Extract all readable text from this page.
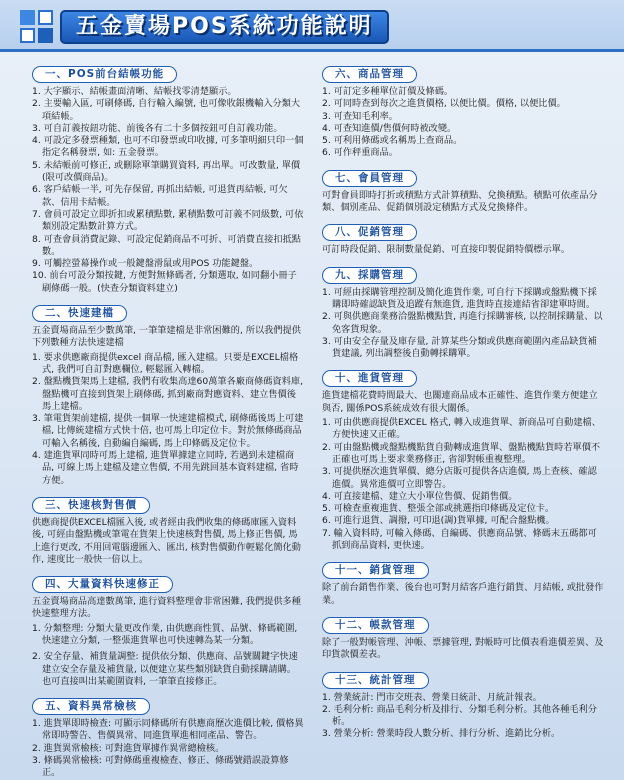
五金賣場POS系統功能說明
一、POS前台結帳功能
1. 大字顯示、結帳畫面清晰、結帳找零清楚顯示。
2. 主要輸入區, 可刷條碼, 自行輸入編號, 也可像收銀機輸入分類大項結帳。
3. 可自訂義按鈕功能、前後各有二十多個按鈕可自訂義功能。
4. 可設定多發票種類, 也可不印發票或印收據, 可多筆明細只印一個指定名稱發票, 如: 五金發票。
5. 未結帳前可修正, 或刪除單筆購買資料, 再出單。可改數量, 單價(限可改價商品)。
6. 客戶結帳一半, 可先存保留, 再抓出結帳, 可退貨再結帳, 可欠款、信用卡結帳。
7. 會員可設定立即折扣或累積點數, 累積點數可訂義不同級數, 可依類別設定點數計算方式。
8. 可查會員消費記錄、可設定促銷商品不可折、可消費直接扣抵點數。
9. 可觸控螢幕操作或一般鍵盤滑鼠或用POS 功能鍵盤。
10. 前台可設分類按鍵, 方便對無條碼者, 分類選取, 如同翻小冊子刷條碼一般。(快查分類資料建立)
二、快速建檔

五金賣場商品至少數萬筆, 一筆筆建檔是非常困難的, 所以我們提供下列數種方法快速建檔

1. 要求供應廠商提供excel 商品檔, 匯入建檔。只要是EXCEL檔格式, 我們可自訂對應欄位, 輕鬆匯入轉檔。
2. 盤點機貨架馬上建檔, 我們有收集高達60萬筆各廠商條碼資料庫, 盤點機可直接到貨架上刷條碼, 抓到廠商對應資料、建立售價後馬上建檔。
3. 筆電貨架前建檔, 提供一個單一快速建檔模式, 刷條碼後馬上可建檔, 比傳統建檔方式快十倍, 也可馬上印定位卡。對於無條碼商品可輸入名稱後, 自動編自編碼, 馬上印條碼及定位卡。
4. 建進貨單同時可馬上建檔, 進貨單據建立同時, 若遇到未建檔商品, 可線上馬上建檔及建立售價, 不用先跳回基本資料建檔, 省時方便。
三、快速核對售價

供應商提供EXCEL檔匯入後, 或者經由我們收集的條碼庫匯入資料後, 可經由盤點機或筆電在貨架上快速核對售價, 馬上修正售價, 馬上進行更改, 不用回電腦邊匯入、匯出, 核對售價動作輕鬆化簡化動作, 速度比一般快一倍以上。

四、大量資料快速修正

五金賣場商品高達數萬筆, 進行資料整理會非常困難, 我們提供多種快速整理方法。

1. 分類整理: 分類大量更改作業, 由供應商性質、品號、條碼範圍, 快速建立分類, 一整張進貨單也可快速轉為某一分類。
2. 安全存量、補貨量調整: 提供依分類、供應商、品號關鍵字快速建立安全存量及補貨量, 以便建立某些類別缺貨自動採購請購。也可直接叫出某範圍資料, 一筆筆直接修正。
五、資料異常檢核
1. 進貨單即時檢查: 可顯示同條碼所有供應商歷次進價比較, 價格異常即時警告、售價異常、同進貨單進相同產品、警告。
2. 進貨異常檢核: 可對進貨單據作異常總檢核。
3. 條碼異常檢核: 可對條碼重複檢查、修正、條碼號錯誤設算修正。
六、商品管理
1. 可訂定多種單位訂價及條碼。
2. 可同時查到每次之進貨價格, 以便比價。價格, 以便比價。
3. 可查知毛利率。
4. 可查知進價/售價何時被改變。
5. 可利用條碼或名稱馬上查商品。
6. 可作秤重商品。
七、會員管理

可對會員即時打折或積點方式計算積點、兌換積點。積點可依產品分類、個別產品、促銷個別設定積點方式及兌換條件。

八、促銷管理

可訂時段促銷、限制數量促銷、可直接印製促銷特價標示單。

九、採購管理
1. 可經由採購管理控制及簡化進貨作業, 可自行下採購或盤點機下採購即時確認缺貨及追蹤有無進貨, 進貨時直接連結省卻建單時間。
2. 可與供應商業務洽盤點機點貨, 再進行採購審核, 以控制採購量、以免客貨現象。
3. 可由安全存量及庫存量, 計算某些分類或供應商範圍內產品缺貨補貨建議, 列出調整後自動轉採購單。
十、進貨管理

進貨建檔花費時間最大、也關連商品成本正確性、進貨作業方便建立與否, 關係POS系統成效有很大關係。

1. 可由供應商提供EXCEL 格式, 轉入成進貨單、新商品可自動建檔、方便快速又正確。
2. 可由盤點機或盤點機點貨自動轉成進貨單、盤點機點貨時若單價不正確也可馬上要求業務修正, 省卻對帳重複整理。
3. 可提供歷次進貨單價、總分店販可提供各店進價, 馬上查核、確認進價。異常進價可立即警告。
4. 可直接建檔、建立大小單位售價、促銷售價。
5. 可檢查重複進貨、整張全部或挑選指印條碼及定位卡。
6. 可進行退貨、調撥, 可印退(調)貨單據, 可配合盤點機。
7. 輸入資料時, 可輸入條碼、自編碼、供應商品號、條碼末五碼都可抓到商品資料, 更快速。
十一、銷貨管理

除了前台銷售作業、後台也可對月結客戶進行銷貨、月結帳, 或批發作業。

十二、帳款管理

除了一般對帳管理、沖帳、票據管理, 對帳時可比價表看進價差異、及印貨款價差表。

十三、統計管理
1. 營業統計: 門市交班表、營業日統計、月統計報表。
2. 毛利分析: 商品毛利分析及排行、分類毛利分析。其他各種毛利分析。
3. 營業分析: 營業時段人數分析、排行分析、進銷比分析。
